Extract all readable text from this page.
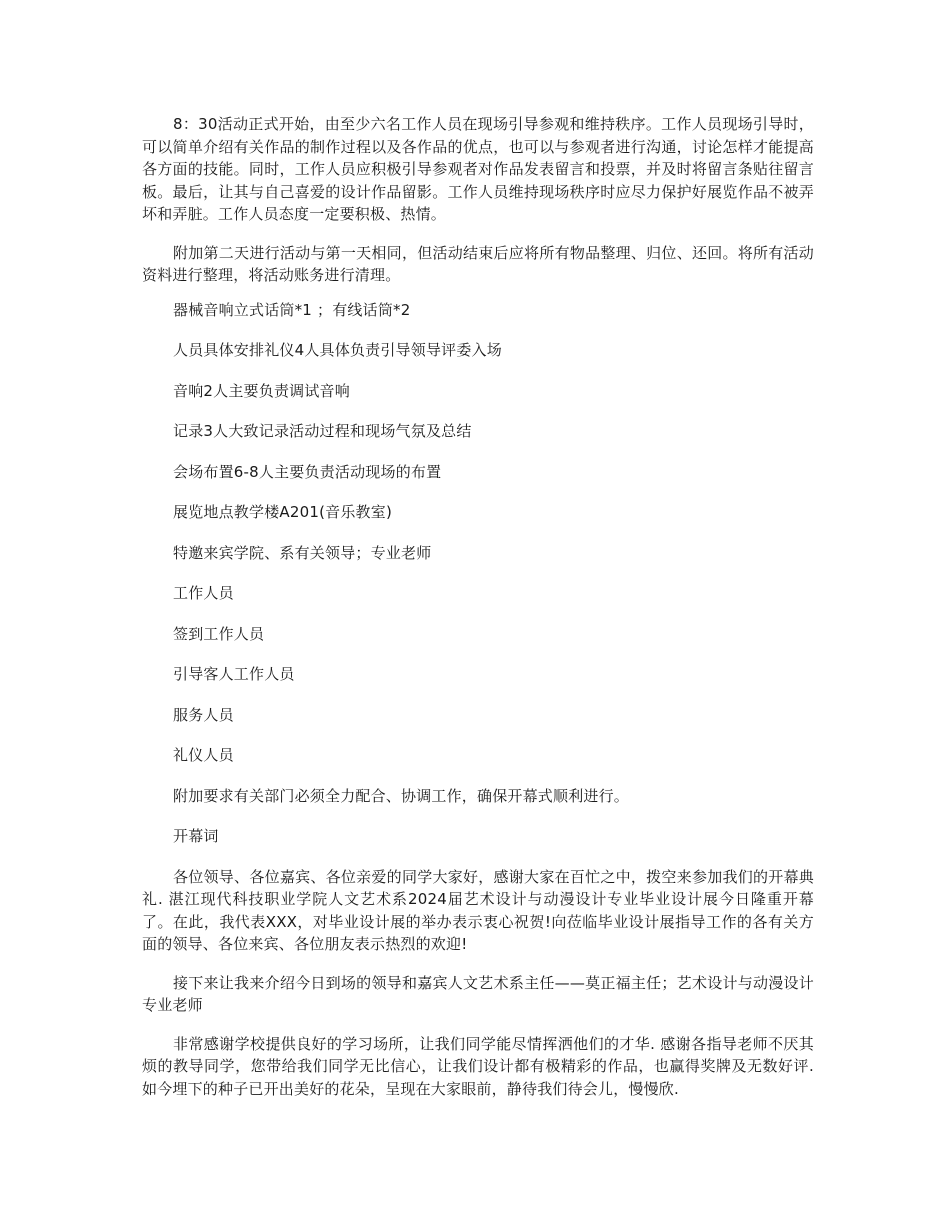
8：30活动正式开始，由至少六名工作人员在现场引导参观和维持秩序。工作人员现场引导时，可以简单介绍有关作品的制作过程以及各作品的优点，也可以与参观者进行沟通，讨论怎样才能提高各方面的技能。同时，工作人员应积极引导参观者对作品发表留言和投票，并及时将留言条贴往留言板。最后，让其与自己喜爱的设计作品留影。工作人员维持现场秩序时应尽力保护好展览作品不被弄坏和弄脏。工作人员态度一定要积极、热情。

附加第二天进行活动与第一天相同，但活动结束后应将所有物品整理、归位、还回。将所有活动资料进行整理，将活动账务进行清理。

器械音响立式话筒*1 ；有线话筒*2

人员具体安排礼仪4人具体负责引导领导评委入场

音响2人主要负责调试音响

记录3人大致记录活动过程和现场气氛及总结

会场布置6-8人主要负责活动现场的布置

展览地点教学楼A201(音乐教室)

特邀来宾学院、系有关领导；专业老师

工作人员

签到工作人员

引导客人工作人员

服务人员

礼仪人员

附加要求有关部门必须全力配合、协调工作，确保开幕式顺利进行。

开幕词

各位领导、各位嘉宾、各位亲爱的同学大家好，感谢大家在百忙之中，拨空来参加我们的开幕典礼. 湛江现代科技职业学院人文艺术系2024届艺术设计与动漫设计专业毕业设计展今日隆重开幕了。在此，我代表XXX，对毕业设计展的举办表示衷心祝贺!向莅临毕业设计展指导工作的各有关方面的领导、各位来宾、各位朋友表示热烈的欢迎!

接下来让我来介绍今日到场的领导和嘉宾人文艺术系主任——莫正福主任；艺术设计与动漫设计专业老师

非常感谢学校提供良好的学习场所，让我们同学能尽情挥洒他们的才华. 感谢各指导老师不厌其烦的教导同学，您带给我们同学无比信心，让我们设计都有极精彩的作品，也赢得奖牌及无数好评. 如今埋下的种子已开出美好的花朵，呈现在大家眼前，静待我们待会儿，慢慢欣.
